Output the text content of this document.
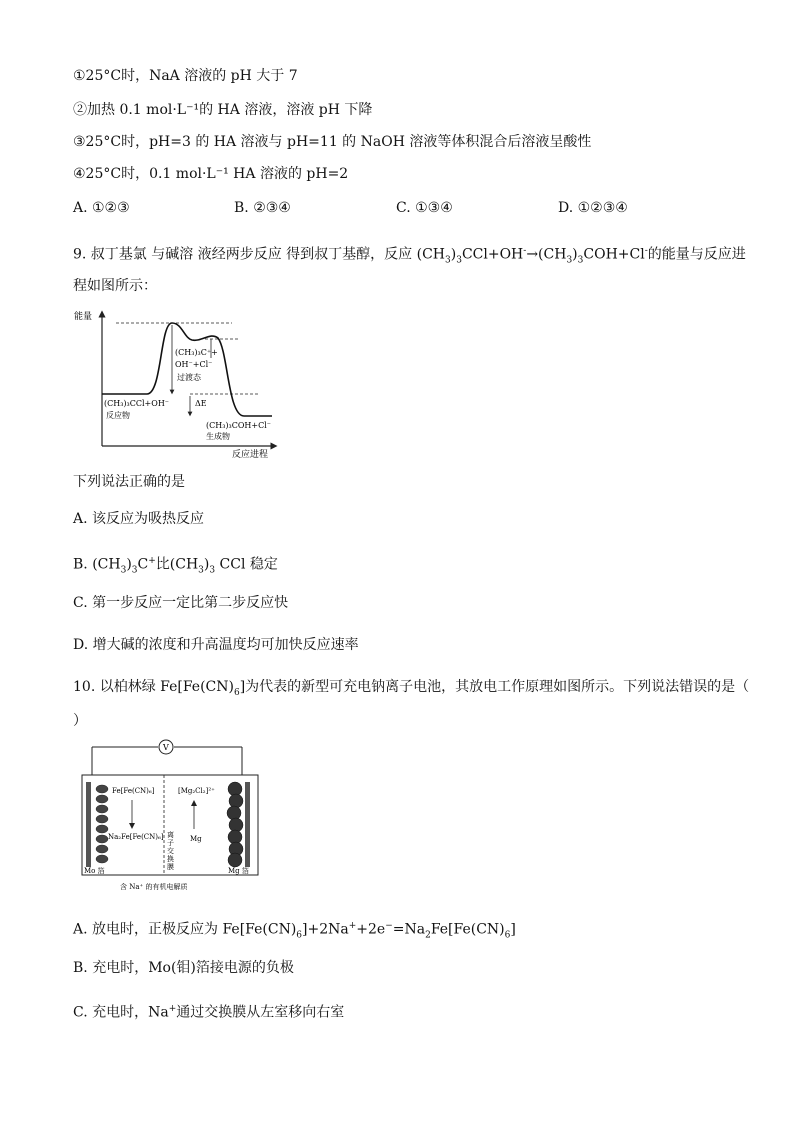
①25°C时，NaA 溶液的 pH 大于 7
②加热 0.1 mol·L⁻¹的 HA 溶液，溶液 pH 下降
③25°C时，pH=3 的 HA 溶液与 pH=11 的 NaOH 溶液等体积混合后溶液呈酸性
④25°C时，0.1 mol·L⁻¹ HA 溶液的 pH=2
A. ①②③	B. ②③④	C. ①③④	D. ①②③④
9. 叔丁基氯 与碱溶 液经两步反应 得到叔丁基醇，反应 $(CH_3)_3CCl+OH^-\to(CH_3)_3COH+Cl^-$的能量与反应进
程如图所示：
能量
反应进程
(CH₃)₃C⁺+
OH⁻+Cl⁻
过渡态
(CH₃)₃CCl+OH⁻
反应物
ΔE
(CH₃)₃COH+Cl⁻
生成物
下列说法正确的是
A. 该反应为吸热反应
B. $(CH_3)_3C^+$比$(CH_3)_3$ CCl 稳定
C. 第一步反应一定比第二步反应快
D. 增大碱的浓度和升高温度均可加快反应速率
10. 以柏林绿 $Fe[Fe(CN)_6]$为代表的新型可充电钠离子电池，其放电工作原理如图所示。下列说法错误的是（
）
V
Fe[Fe(CN)₆]
Na₂Fe[Fe(CN)₆]
[Mg₂Cl₂]²⁺
Mg
离
子
交
换
膜
Mo 箔	Mg 箔
含 Na⁺ 的有机电解质
A. 放电时，正极反应为 $Fe[Fe(CN)_6]+2Na^++2e^-=Na_2Fe[Fe(CN)_6]$
B. 充电时，Mo(钼)箔接电源的负极
C. 充电时，Na+通过交换膜从左室移向右室
